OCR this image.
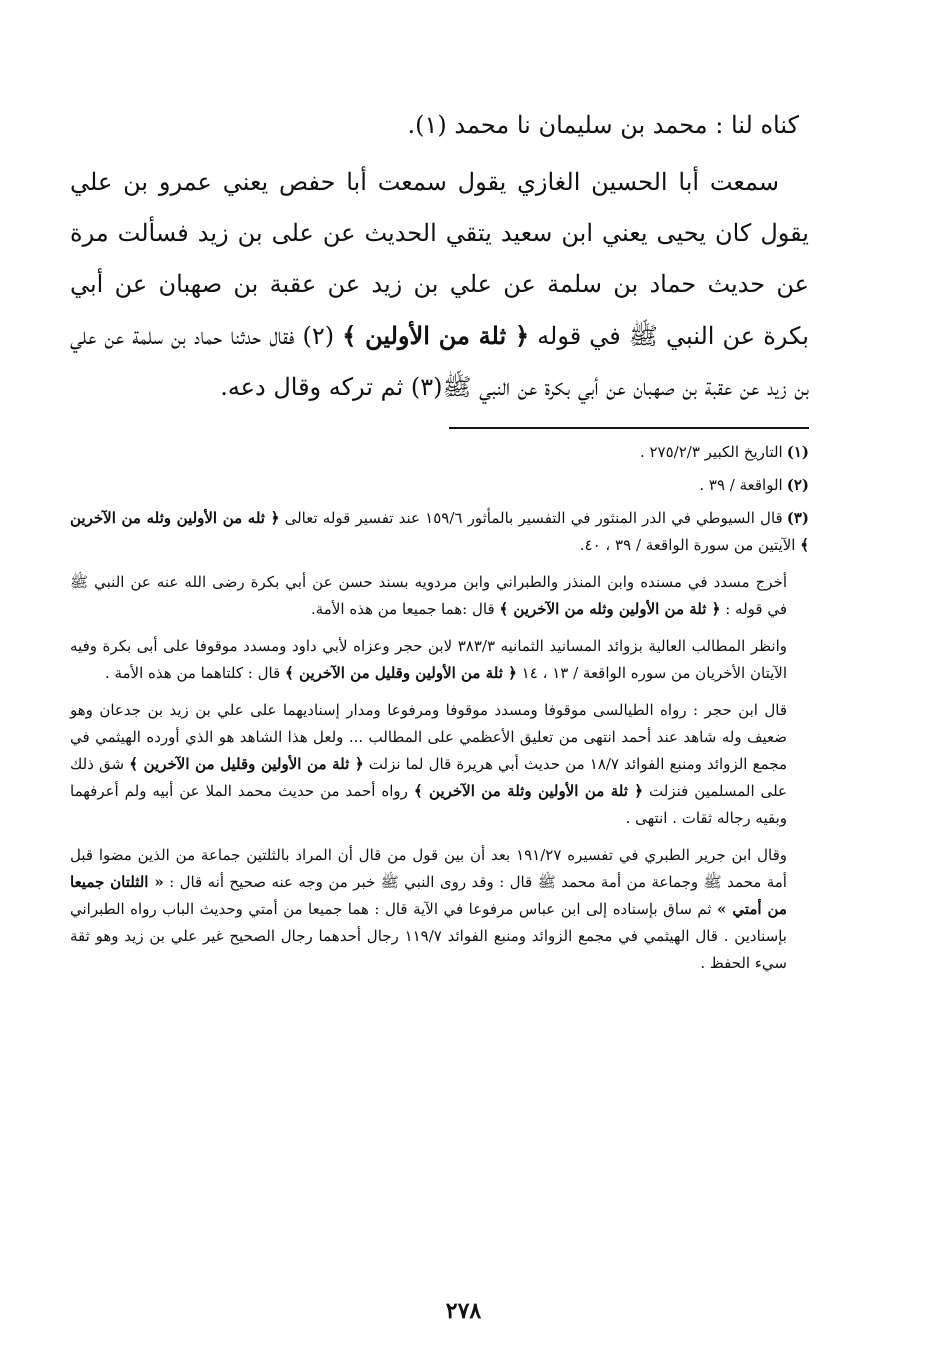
كناه لنا : محمد بن سليمان نا محمد (١).

سمعت أبا الحسين الغازي يقول سمعت أبا حفص يعني عمرو بن علي يقول كان يحيى يعني ابن سعيد يتقي الحديث عن على بن زيد فسألت مرة عن حديث حماد بن سلمة عن علي بن زيد عن عقبة بن صهبان عن أبي بكرة عن النبي ﷺ في قوله ﴿ ثلة من الأولين ﴾ (٢) فقال حدثنا حماد بن سلمة عن علي بن زيد عن عقبة بن صهبان عن أبي بكرة عن النبي ﷺ(٣) ثم تركه وقال دعه.

(١)التاريخ الكبير ٢٧٥/٢/٣ .

(٢)الواقعة / ٣٩ .

(٣)قال السيوطي في الدر المنثور في التفسير بالمأثور ١٥٩/٦ عند تفسير قوله تعالى ﴿ ثله من الأولين وثله من الآخرين ﴾ الآيتين من سورة الواقعة / ٣٩ ، ٤٠.

أخرج مسدد في مسنده وابن المنذر والطبراني وابن مردويه بسند حسن عن أبي بكرة رضى الله عنه عن النبي ﷺ في قوله : ﴿ ثلة من الأولين وثله من الآخرين ﴾ قال :هما جميعا من هذه الأمة.

وانظر المطالب العالية بزوائد المسانيد الثمانيه ٣٨٣/٣ لابن حجر وعزاه لأبي داود ومسدد موقوفا على أبى بكرة وفيه الآيتان الأخريان من سوره الواقعة / ١٣ ، ١٤ ﴿ ثلة من الأولين وقليل من الآخرين ﴾ قال : كلتاهما من هذه الأمة .

قال ابن حجر : رواه الطيالسى موقوفا ومسدد موقوفا ومرفوعا ومدار إسناديهما على علي بن زيد بن جدعان وهو ضعيف وله شاهد عند أحمد انتهى من تعليق الأعظمي على المطالب ... ولعل هذا الشاهد هو الذي أورده الهيثمي في مجمع الزوائد ومنبع الفوائد ١٨/٧ من حديث أبي هريرة قال لما نزلت ﴿ ثلة من الأولين وقليل من الآخرين ﴾ شق ذلك على المسلمين فنزلت ﴿ ثلة من الأولين وثلة من الآخرين ﴾ رواه أحمد من حديث محمد الملا عن أبيه ولم أعرفهما وبقيه رجاله ثقات . انتهى .

وقال ابن جرير الطبري في تفسيره ١٩١/٢٧ بعد أن بين قول من قال أن المراد بالثلتين جماعة من الذين مضوا قبل أمة محمد ﷺ وجماعة من أمة محمد ﷺ قال : وقد روى النبي ﷺ خبر من وجه عنه صحيح أنه قال : « الثلتان جميعا من أمتي » ثم ساق بإسناده إلى ابن عباس مرفوعا في الآية قال : هما جميعا من أمتي وحديث الباب رواه الطبراني بإسنادين . قال الهيثمي في مجمع الزوائد ومنبع الفوائد ١١٩/٧ رجال أحدهما رجال الصحيح غير علي بن زيد وهو ثقة سيء الحفظ .

٢٧٨
